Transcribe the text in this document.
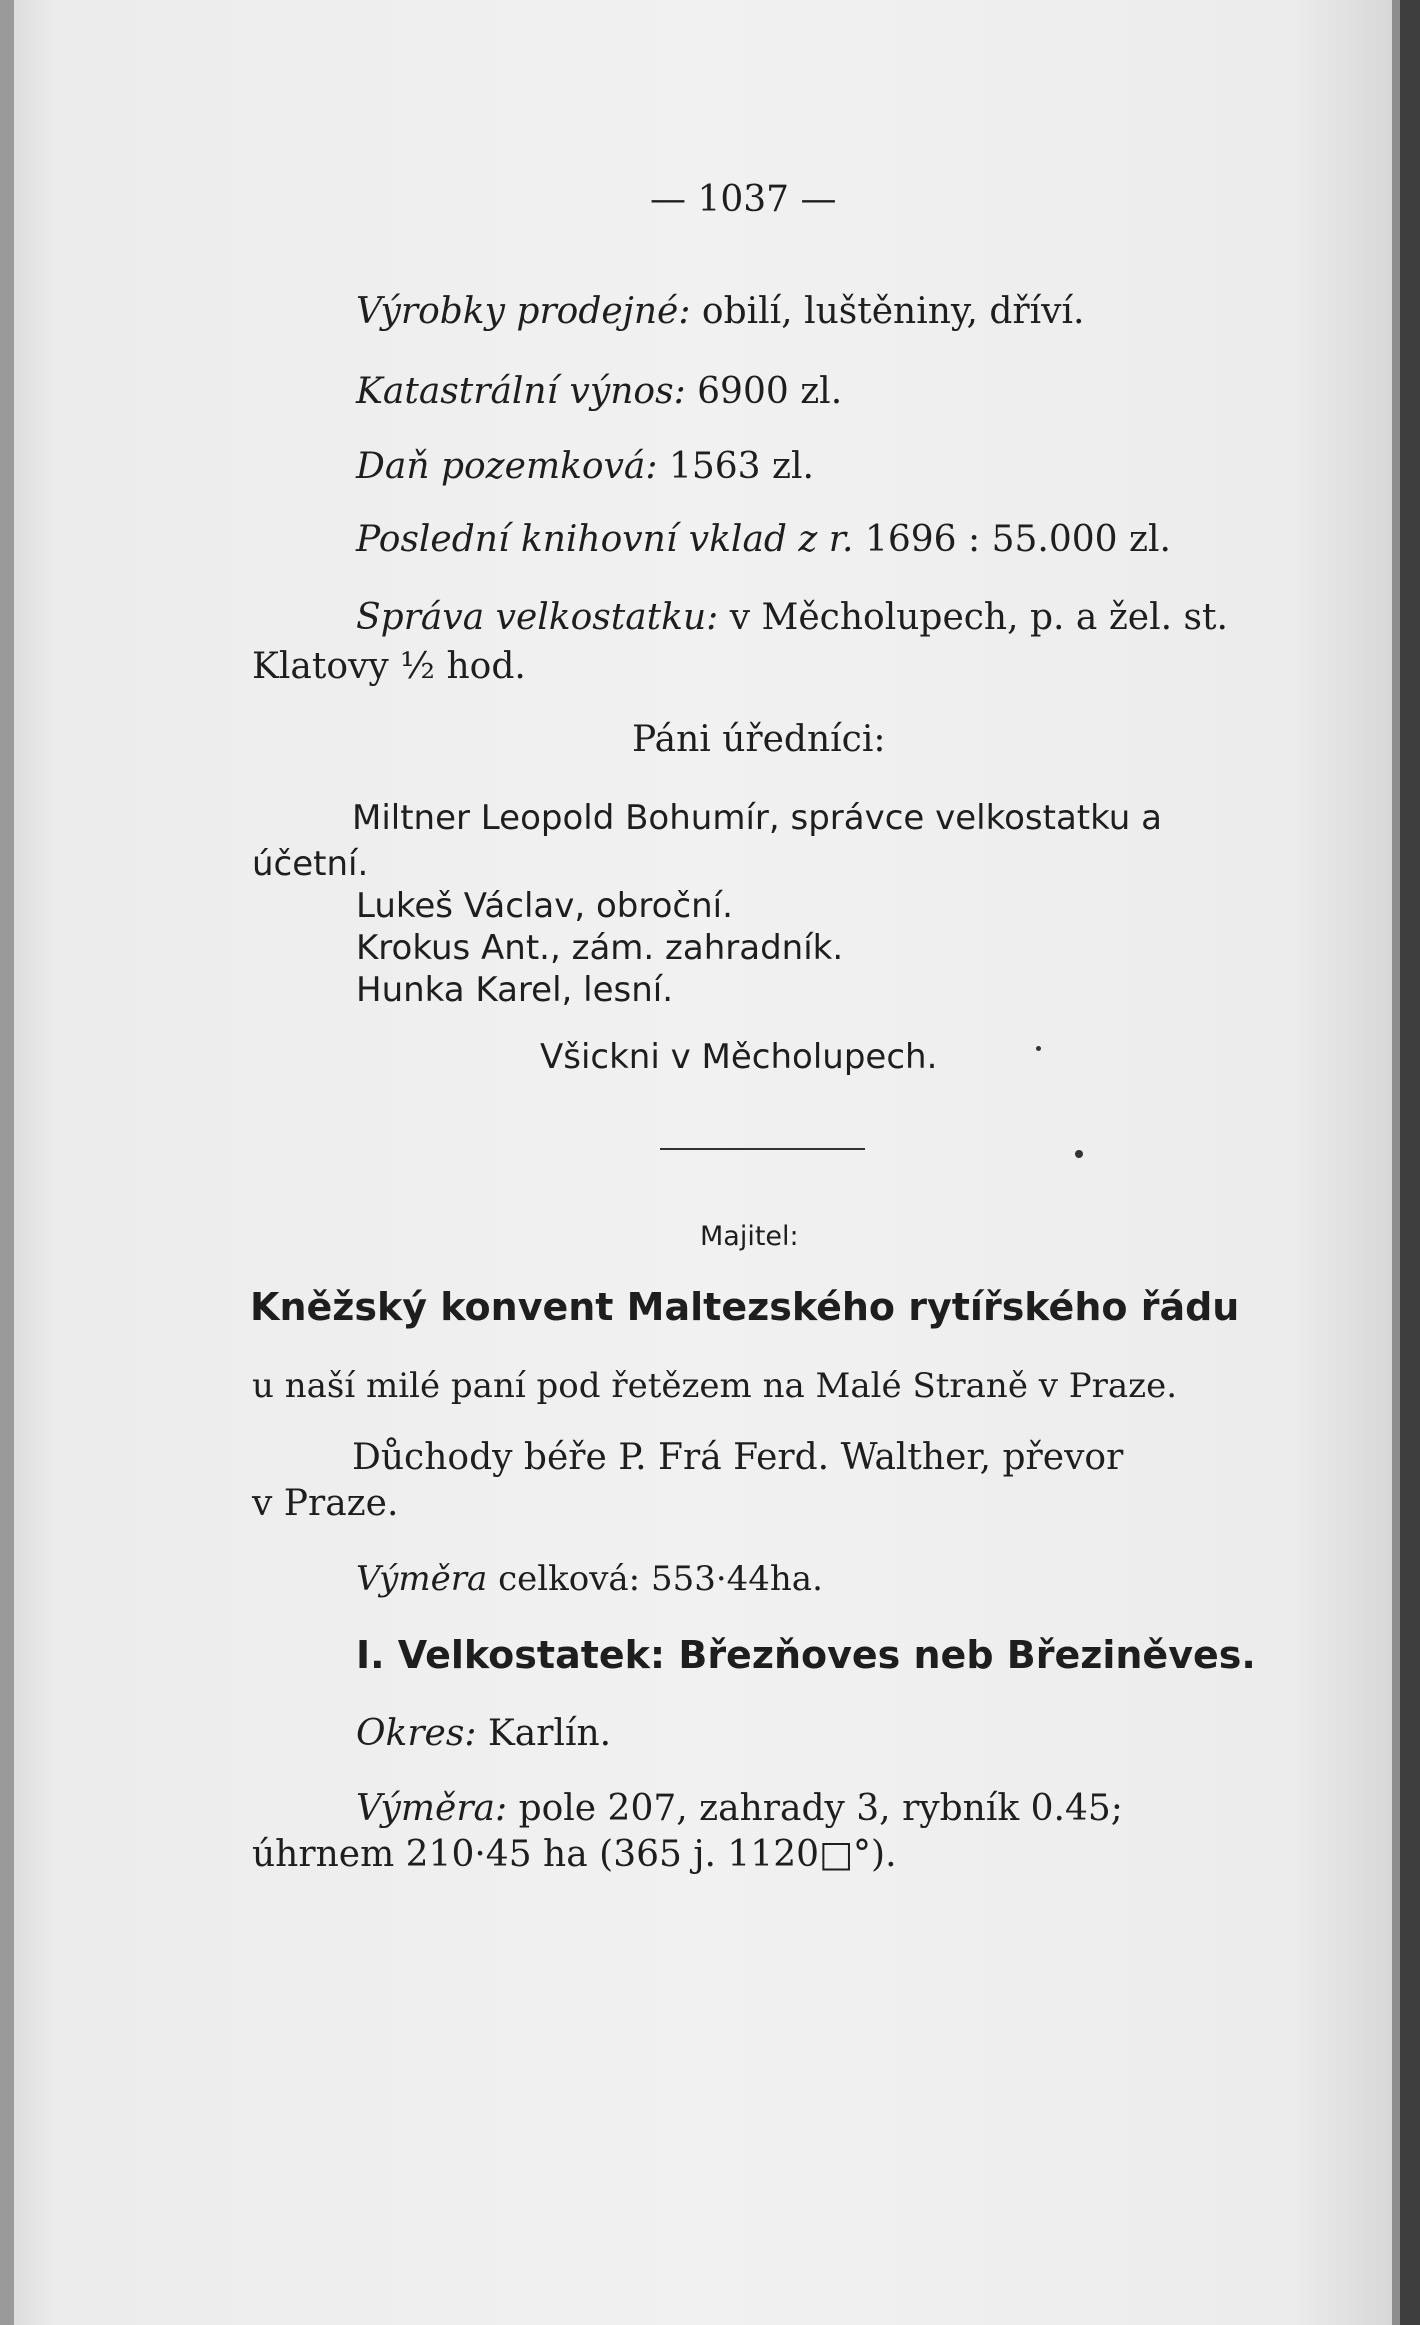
— 1037 —
Výrobky prodejné: obilí, luštěniny, dříví.
Katastrální výnos: 6900 zl.
Daň pozemková: 1563 zl.
Poslední knihovní vklad z r. 1696 : 55.000 zl.
Správa velkostatku: v Měcholupech, p. a žel. st.
Klatovy ½ hod.
Páni úředníci:
Miltner Leopold Bohumír, správce velkostatku a
účetní.
Lukeš Václav, obroční.
Krokus Ant., zám. zahradník.
Hunka Karel, lesní.
Všickni v Měcholupech.
Majitel:
Kněžský konvent Maltezského rytířského řádu
u naší milé paní pod řetězem na Malé Straně v Praze.
Důchody béře P. Frá Ferd. Walther, převor
v Praze.
Výměra celková: 553·44ha.
I. Velkostatek: Březňoves neb Březiněves.
Okres: Karlín.
Výměra: pole 207, zahrady 3, rybník 0.45;
úhrnem 210·45 ha (365 j. 1120□°).
